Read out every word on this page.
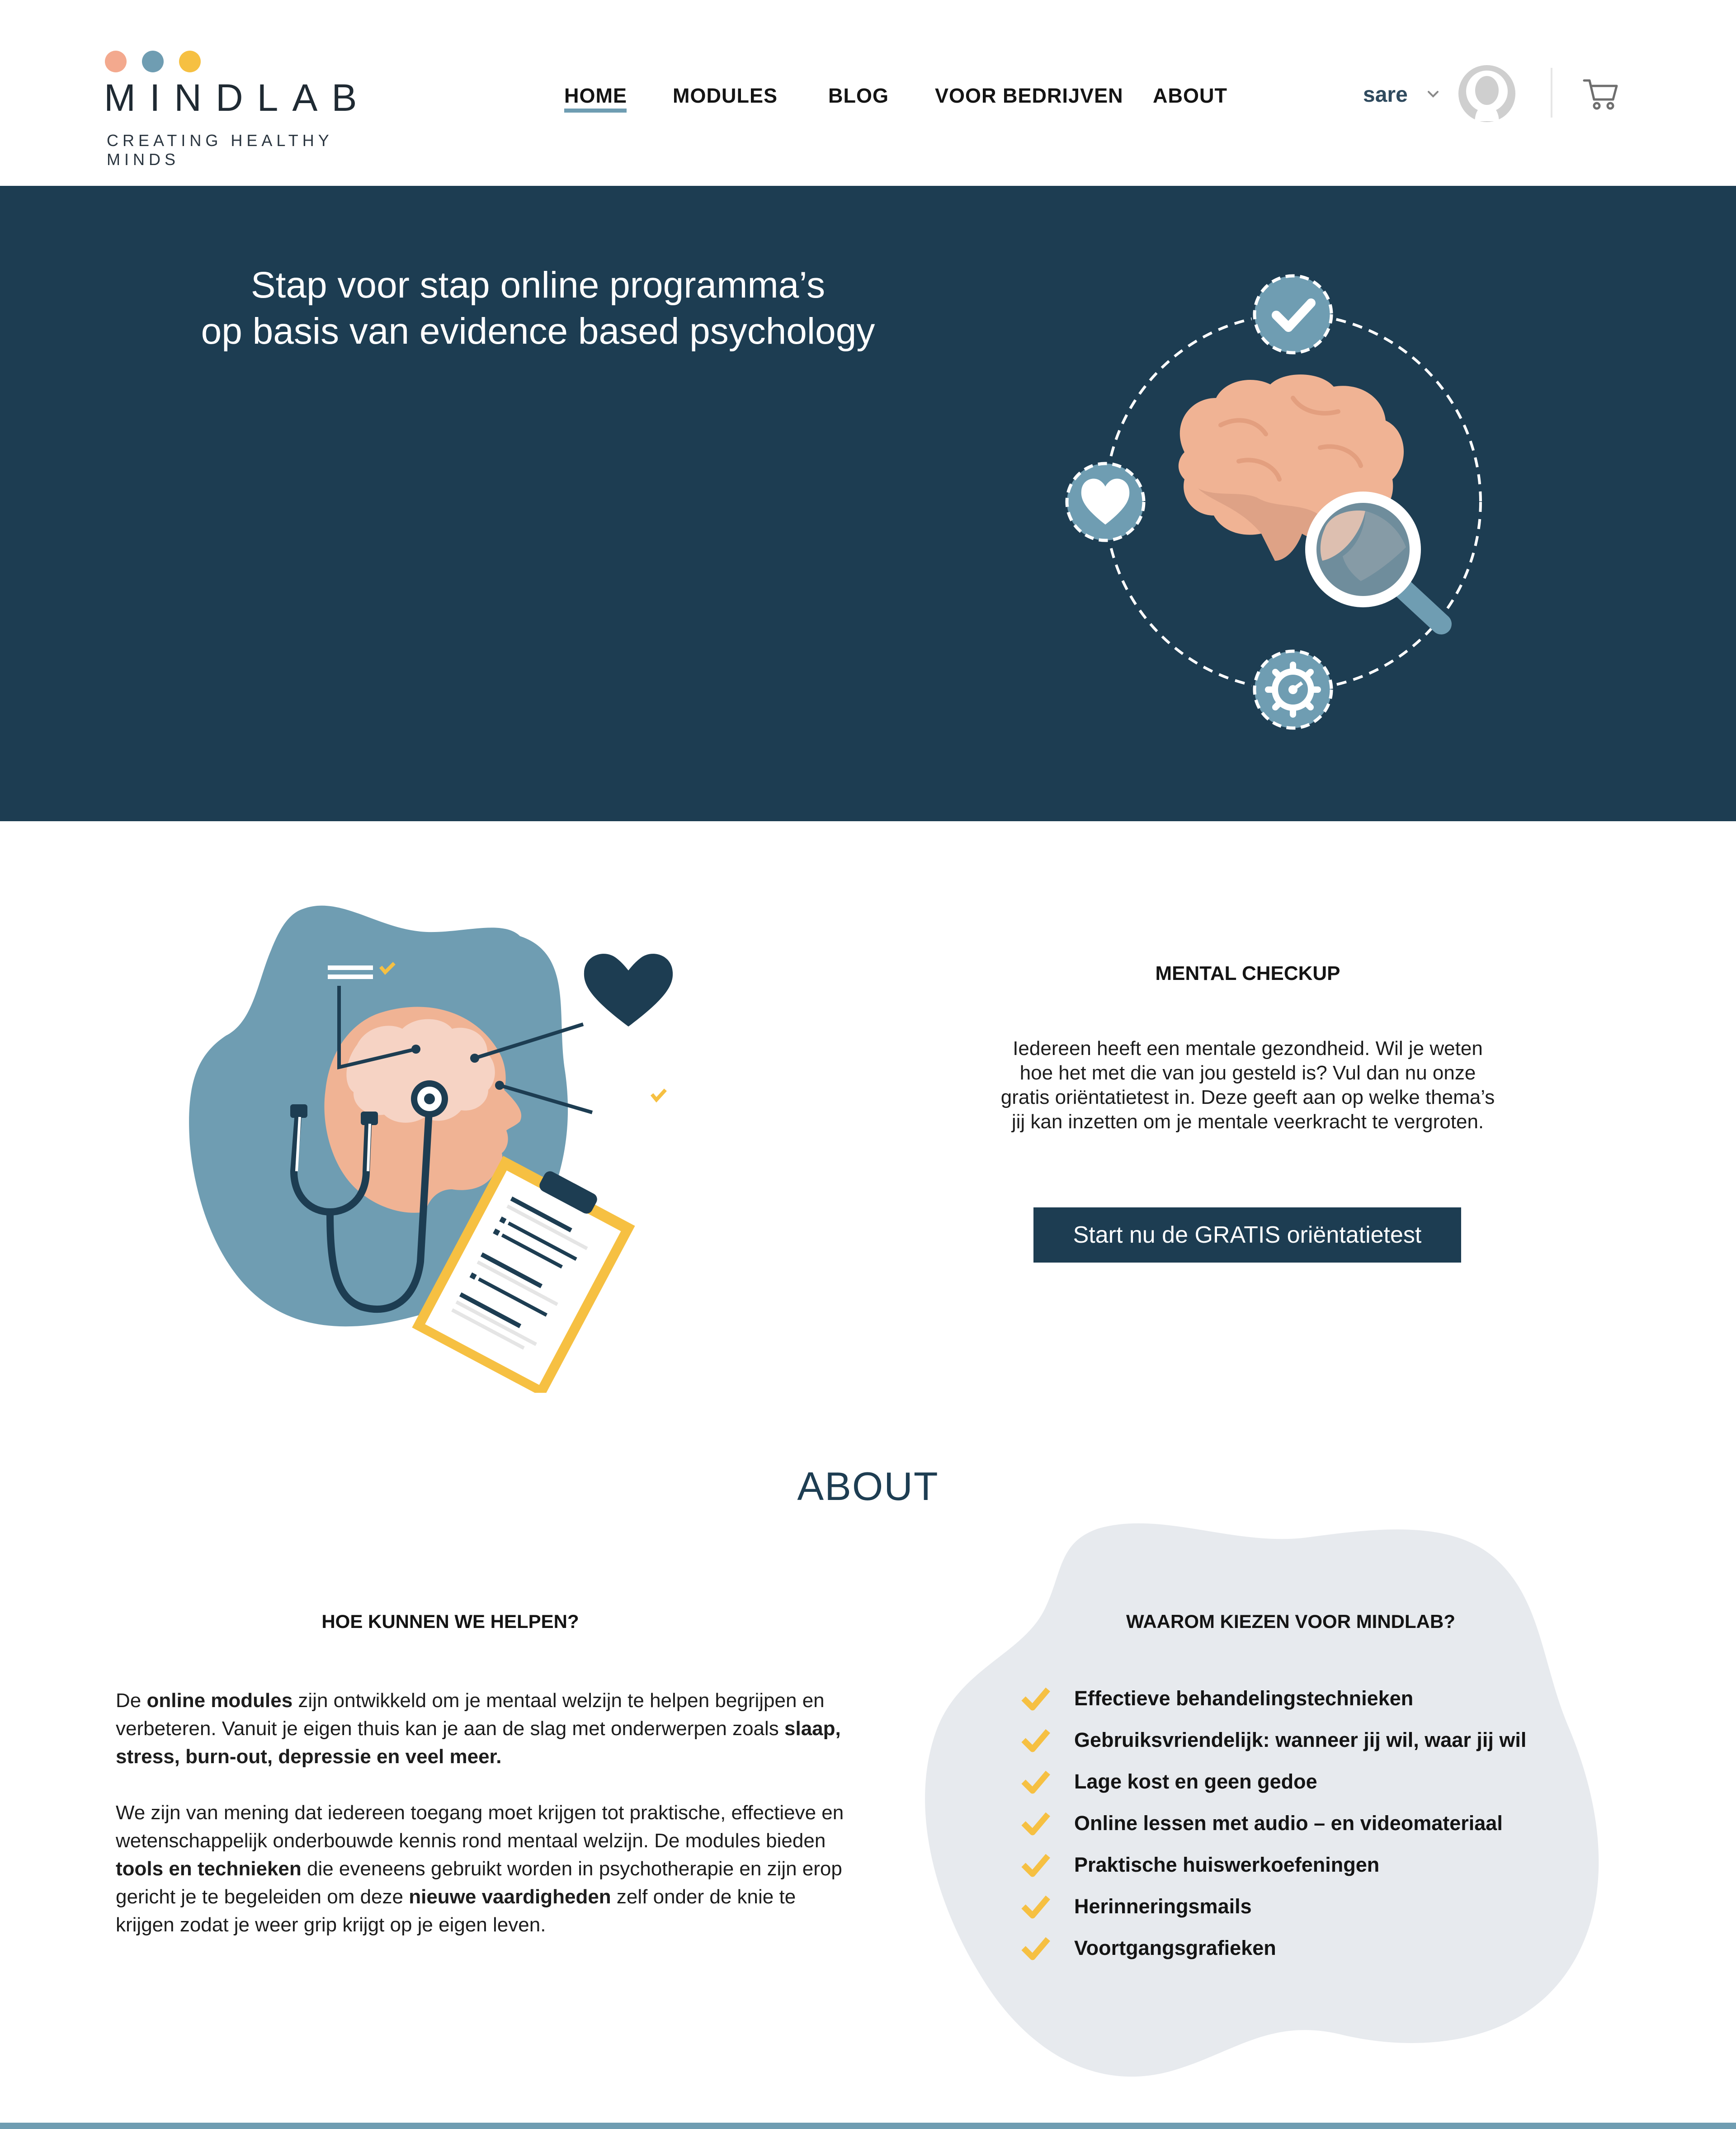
MINDLAB
CREATING HEALTHY MINDS
HOME MODULES BLOG VOOR BEDRIJVEN ABOUT	sare
Stap voor stap online programma’s
op basis van evidence based psychology
MENTAL CHECKUP
Iedereen heeft een mentale gezondheid. Wil je weten
hoe het met die van jou gesteld is? Vul dan nu onze
gratis oriëntatietest in. Deze geeft aan op welke thema’s
jij kan inzetten om je mentale veerkracht te vergroten.
Start nu de GRATIS oriëntatietest
ABOUT
HOE KUNNEN WE HELPEN?

De online modules zijn ontwikkeld om je mentaal welzijn te helpen begrijpen en verbeteren. Vanuit je eigen thuis kan je aan de slag met onderwerpen zoals slaap, stress, burn-out, depressie en veel meer.

We zijn van mening dat iedereen toegang moet krijgen tot praktische, effectieve en wetenschappelijk onderbouwde kennis rond mentaal welzijn. De modules bieden tools en technieken die eveneens gebruikt worden in psychotherapie en zijn erop gericht je te begeleiden om deze nieuwe vaardigheden zelf onder de knie te krijgen zodat je weer grip krijgt op je eigen leven.

WAAROM KIEZEN VOOR MINDLAB?
Effectieve behandelingstechnieken
Gebruiksvriendelijk: wanneer jij wil, waar jij wil
Lage kost en geen gedoe
Online lessen met audio – en videomateriaal
Praktische huiswerkoefeningen
Herinneringsmails
Voortgangsgrafieken
